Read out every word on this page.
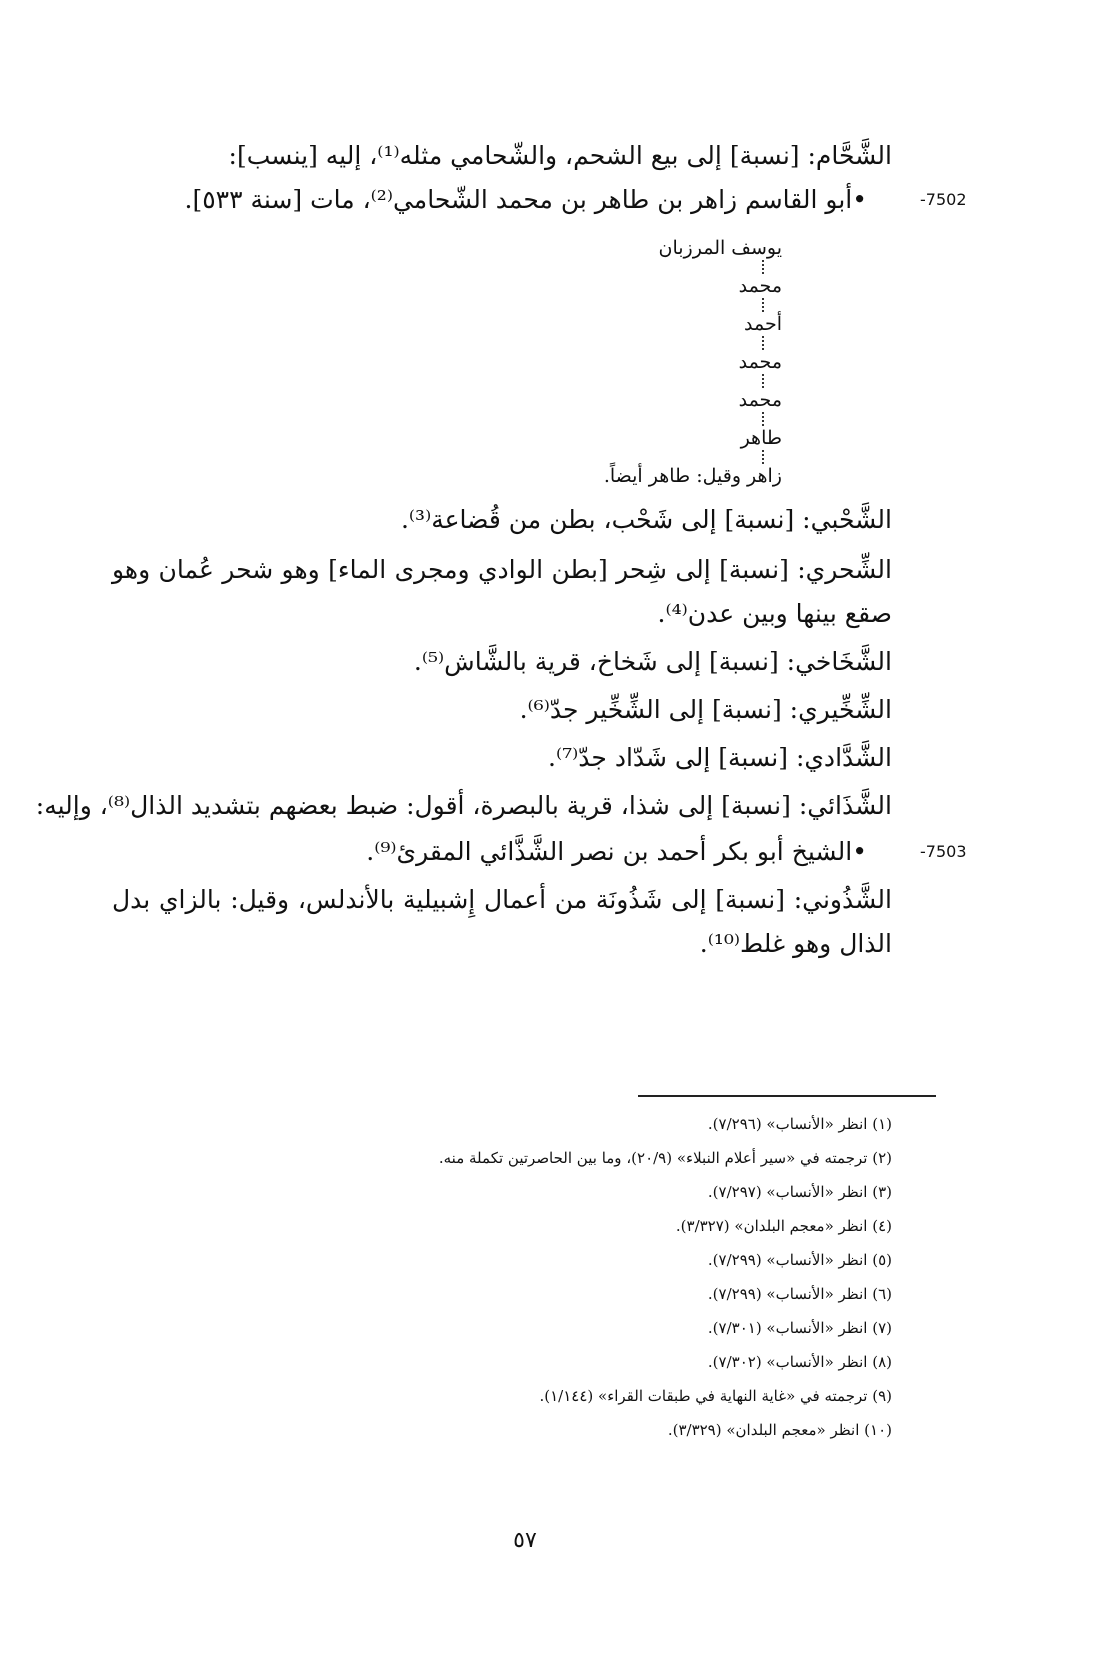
الشَّحَّام: [نسبة] إلى بيع الشحم، والشّحامي مثله⁽¹⁾، إليه [ينسب]:
-7502
•أبو القاسم زاهر بن طاهر بن محمد الشّحامي⁽²⁾، مات [سنة ٥٣٣].
يوسف المرزبان
محمد
أحمد
محمد
محمد
طاهر
زاهر وقيل: طاهر أيضاً.
الشَّحْبي: [نسبة] إلى شَحْب، بطن من قُضاعة⁽³⁾.
الشِّحري: [نسبة] إلى شِحر [بطن الوادي ومجرى الماء] وهو شحر عُمان وهو صقع بينها وبين عدن⁽⁴⁾.
الشَّخَاخي: [نسبة] إلى شَخاخ، قرية بالشَّاش⁽⁵⁾.
الشِّخِّيري: [نسبة] إلى الشِّخِّير جدّ⁽⁶⁾.
الشَّدَّادي: [نسبة] إلى شَدّاد جدّ⁽⁷⁾.
الشَّذَائي: [نسبة] إلى شذا، قرية بالبصرة، أقول: ضبط بعضهم بتشديد الذال⁽⁸⁾، وإليه:
-7503
•الشيخ أبو بكر أحمد بن نصر الشَّذَّائي المقرئ⁽⁹⁾.
الشَّذُوني: [نسبة] إلى شَذُونَة من أعمال إِشبيلية بالأندلس، وقيل: بالزاي بدل الذال وهو غلط⁽¹⁰⁾.
(١) انظر «الأنساب» (٧/٢٩٦).
(٢) ترجمته في «سير أعلام النبلاء» (٢٠/٩)، وما بين الحاصرتين تكملة منه.
(٣) انظر «الأنساب» (٧/٢٩٧).
(٤) انظر «معجم البلدان» (٣/٣٢٧).
(٥) انظر «الأنساب» (٧/٢٩٩).
(٦) انظر «الأنساب» (٧/٢٩٩).
(٧) انظر «الأنساب» (٧/٣٠١).
(٨) انظر «الأنساب» (٧/٣٠٢).
(٩) ترجمته في «غاية النهاية في طبقات القراء» (١/١٤٤).
(١٠) انظر «معجم البلدان» (٣/٣٢٩).
٥٧
